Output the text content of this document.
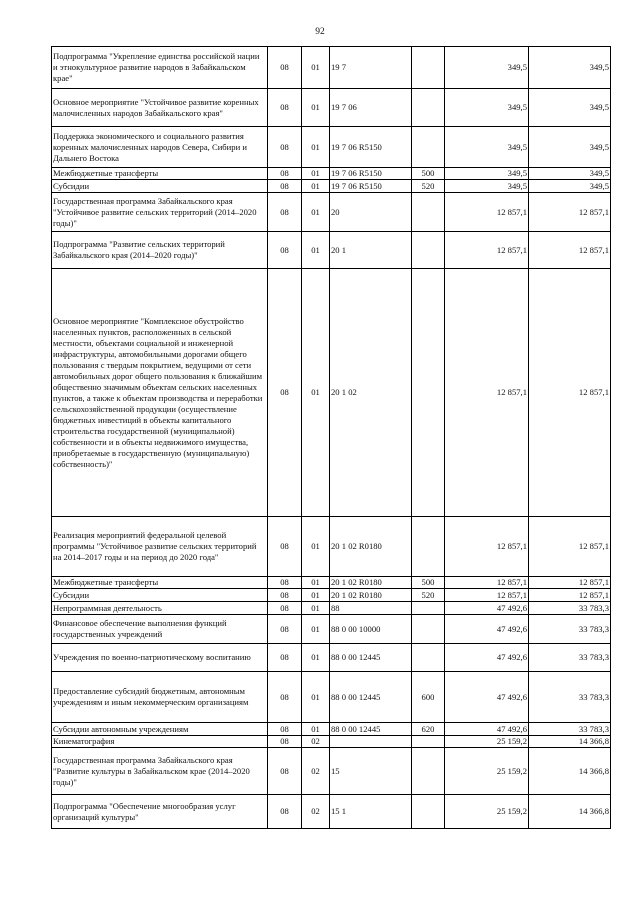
92
Подпрограмма "Укрепление единства российской нации и этнокультурное развитие народов в Забайкальском крае"	08	01	19 7		349,5	349,5
Основное мероприятие "Устойчивое развитие коренных малочисленных народов Забайкальского края"	08	01	19 7 06		349,5	349,5
Поддержка экономического и социального развития коренных малочисленных народов Севера, Сибири и Дальнего Востока	08	01	19 7 06 R5150		349,5	349,5
Межбюджетные трансферты	08	01	19 7 06 R5150	500	349,5	349,5
Субсидии	08	01	19 7 06 R5150	520	349,5	349,5
Государственная программа Забайкальского края "Устойчивое развитие сельских территорий (2014–2020 годы)"	08	01	20		12 857,1	12 857,1
Подпрограмма "Развитие сельских территорий Забайкальского края (2014–2020 годы)"	08	01	20 1		12 857,1	12 857,1
Основное мероприятие "Комплексное обустройство населенных пунктов, расположенных в сельской местности, объектами социальной и инженерной инфраструктуры, автомобильными дорогами общего пользования с твердым покрытием, ведущими от сети автомобильных дорог общего пользования к ближайшим общественно значимым объектам сельских населенных пунктов, а также к объектам производства и переработки сельскохозяйственной продукции (осуществление бюджетных инвестиций в объекты капитального строительства государственной (муниципальной) собственности и в объекты недвижимого имущества, приобретаемые в государственную (муниципальную) собственность)"	08	01	20 1 02		12 857,1	12 857,1
Реализация мероприятий федеральной целевой программы "Устойчивое развитие сельских территорий на 2014–2017 годы и на период до 2020 года"	08	01	20 1 02 R0180		12 857,1	12 857,1
Межбюджетные трансферты	08	01	20 1 02 R0180	500	12 857,1	12 857,1
Субсидии	08	01	20 1 02 R0180	520	12 857,1	12 857,1
Непрограммная деятельность	08	01	88		47 492,6	33 783,3
Финансовое обеспечение выполнения функций государственных учреждений	08	01	88 0 00 10000		47 492,6	33 783,3
Учреждения по военно-патриотическому воспитанию	08	01	88 0 00 12445		47 492,6	33 783,3
Предоставление субсидий бюджетным, автономным учреждениям и иным некоммерческим организациям	08	01	88 0 00 12445	600	47 492,6	33 783,3
Субсидии автономным учреждениям	08	01	88 0 00 12445	620	47 492,6	33 783,3
Кинематография	08	02			25 159,2	14 366,8
Государственная программа Забайкальского края "Развитие культуры в Забайкальском крае (2014–2020 годы)"	08	02	15		25 159,2	14 366,8
Подпрограмма "Обеспечение многообразия услуг организаций культуры"	08	02	15 1		25 159,2	14 366,8
